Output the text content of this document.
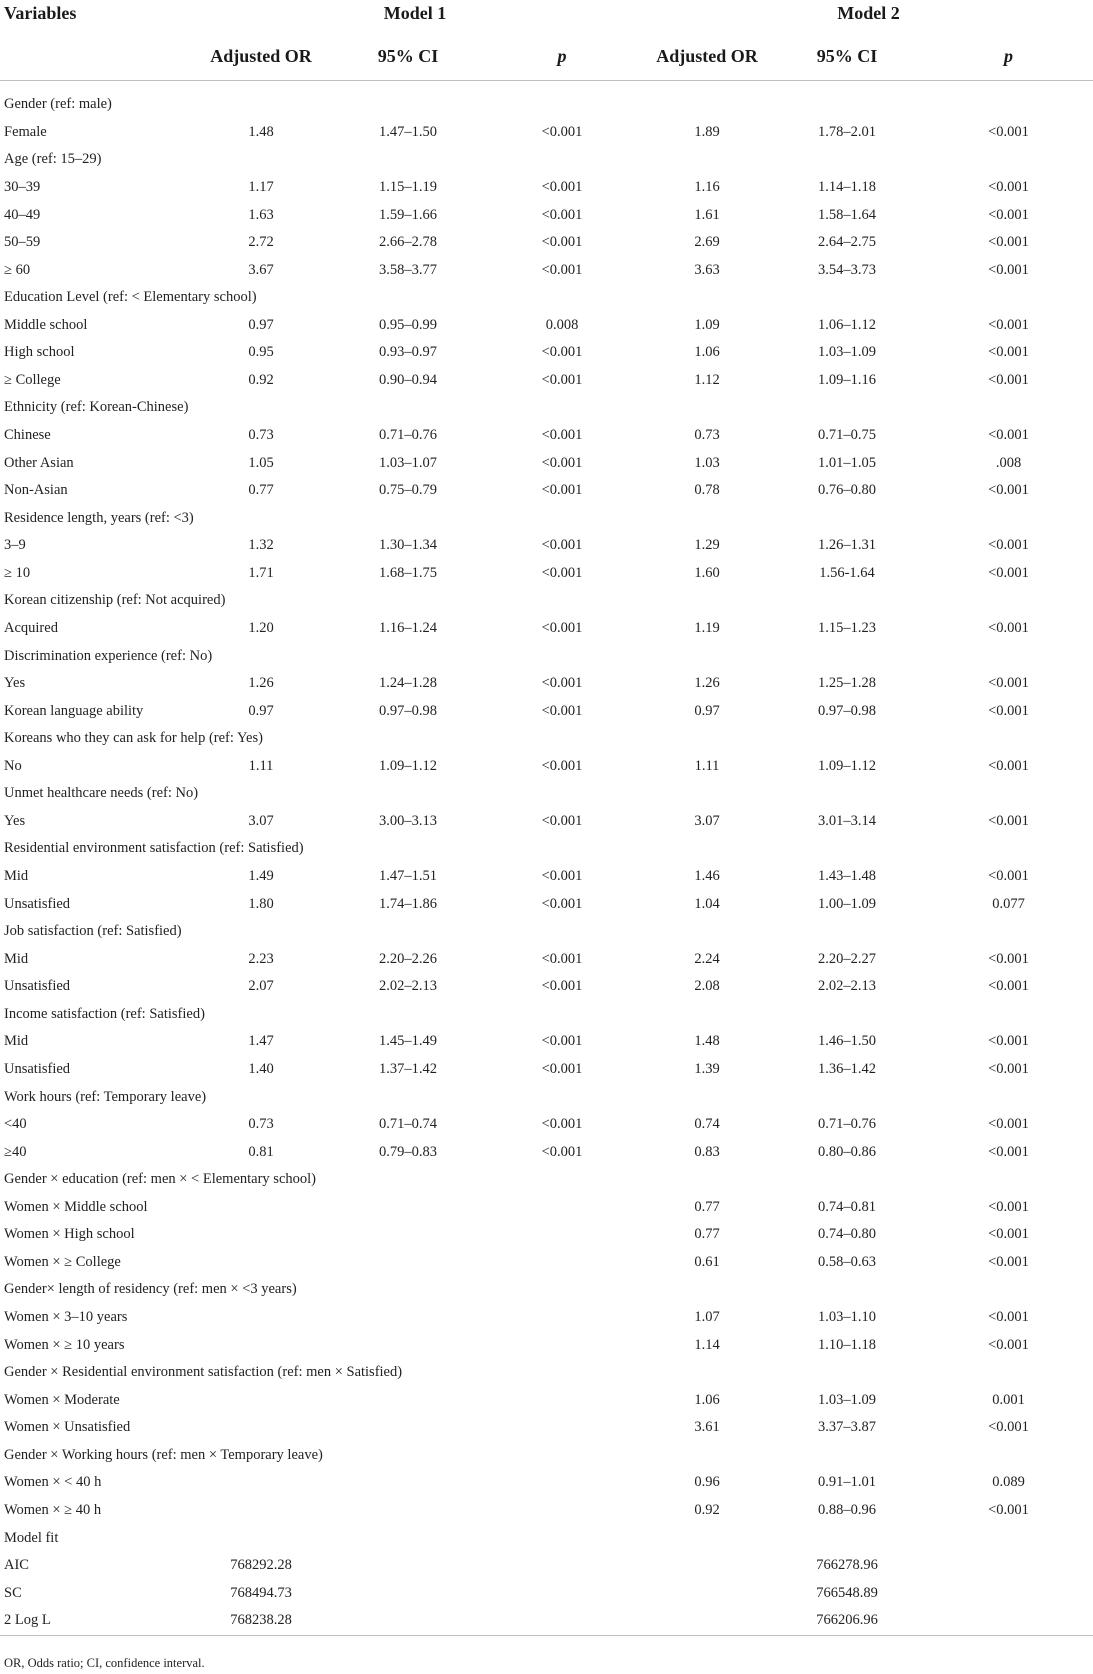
Variables	Model 1			Model 2		
	Adjusted OR	95% CI	p	Adjusted OR	95% CI	p

Gender (ref: male)						
Female	1.48	1.47–1.50	<0.001	1.89	1.78–2.01	<0.001
Age (ref: 15–29)						
30–39	1.17	1.15–1.19	<0.001	1.16	1.14–1.18	<0.001
40–49	1.63	1.59–1.66	<0.001	1.61	1.58–1.64	<0.001
50–59	2.72	2.66–2.78	<0.001	2.69	2.64–2.75	<0.001
≥ 60	3.67	3.58–3.77	<0.001	3.63	3.54–3.73	<0.001
Education Level (ref: < Elementary school)						
Middle school	0.97	0.95–0.99	0.008	1.09	1.06–1.12	<0.001
High school	0.95	0.93–0.97	<0.001	1.06	1.03–1.09	<0.001
≥ College	0.92	0.90–0.94	<0.001	1.12	1.09–1.16	<0.001
Ethnicity (ref: Korean-Chinese)						
Chinese	0.73	0.71–0.76	<0.001	0.73	0.71–0.75	<0.001
Other Asian	1.05	1.03–1.07	<0.001	1.03	1.01–1.05	.008
Non-Asian	0.77	0.75–0.79	<0.001	0.78	0.76–0.80	<0.001
Residence length, years (ref: <3)						
3–9	1.32	1.30–1.34	<0.001	1.29	1.26–1.31	<0.001
≥ 10	1.71	1.68–1.75	<0.001	1.60	1.56-1.64	<0.001
Korean citizenship (ref: Not acquired)						
Acquired	1.20	1.16–1.24	<0.001	1.19	1.15–1.23	<0.001
Discrimination experience (ref: No)						
Yes	1.26	1.24–1.28	<0.001	1.26	1.25–1.28	<0.001
Korean language ability	0.97	0.97–0.98	<0.001	0.97	0.97–0.98	<0.001
Koreans who they can ask for help (ref: Yes)						
No	1.11	1.09–1.12	<0.001	1.11	1.09–1.12	<0.001
Unmet healthcare needs (ref: No)						
Yes	3.07	3.00–3.13	<0.001	3.07	3.01–3.14	<0.001
Residential environment satisfaction (ref: Satisfied)						
Mid	1.49	1.47–1.51	<0.001	1.46	1.43–1.48	<0.001
Unsatisfied	1.80	1.74–1.86	<0.001	1.04	1.00–1.09	0.077
Job satisfaction (ref: Satisfied)						
Mid	2.23	2.20–2.26	<0.001	2.24	2.20–2.27	<0.001
Unsatisfied	2.07	2.02–2.13	<0.001	2.08	2.02–2.13	<0.001
Income satisfaction (ref: Satisfied)						
Mid	1.47	1.45–1.49	<0.001	1.48	1.46–1.50	<0.001
Unsatisfied	1.40	1.37–1.42	<0.001	1.39	1.36–1.42	<0.001
Work hours (ref: Temporary leave)						
<40	0.73	0.71–0.74	<0.001	0.74	0.71–0.76	<0.001
≥40	0.81	0.79–0.83	<0.001	0.83	0.80–0.86	<0.001
Gender × education (ref: men × < Elementary school)						
Women × Middle school				0.77	0.74–0.81	<0.001
Women × High school				0.77	0.74–0.80	<0.001
Women × ≥ College				0.61	0.58–0.63	<0.001
Gender× length of residency (ref: men × <3 years)						
Women × 3–10 years				1.07	1.03–1.10	<0.001
Women × ≥ 10 years				1.14	1.10–1.18	<0.001
Gender × Residential environment satisfaction (ref: men × Satisfied)						
Women × Moderate				1.06	1.03–1.09	0.001
Women × Unsatisfied				3.61	3.37–3.87	<0.001
Gender × Working hours (ref: men × Temporary leave)						
Women × < 40 h				0.96	0.91–1.01	0.089
Women × ≥ 40 h				0.92	0.88–0.96	<0.001
Model fit						
AIC	768292.28				766278.96	
SC	768494.73				766548.89	
2 Log L	768238.28				766206.96	
OR, Odds ratio; CI, confidence interval.
